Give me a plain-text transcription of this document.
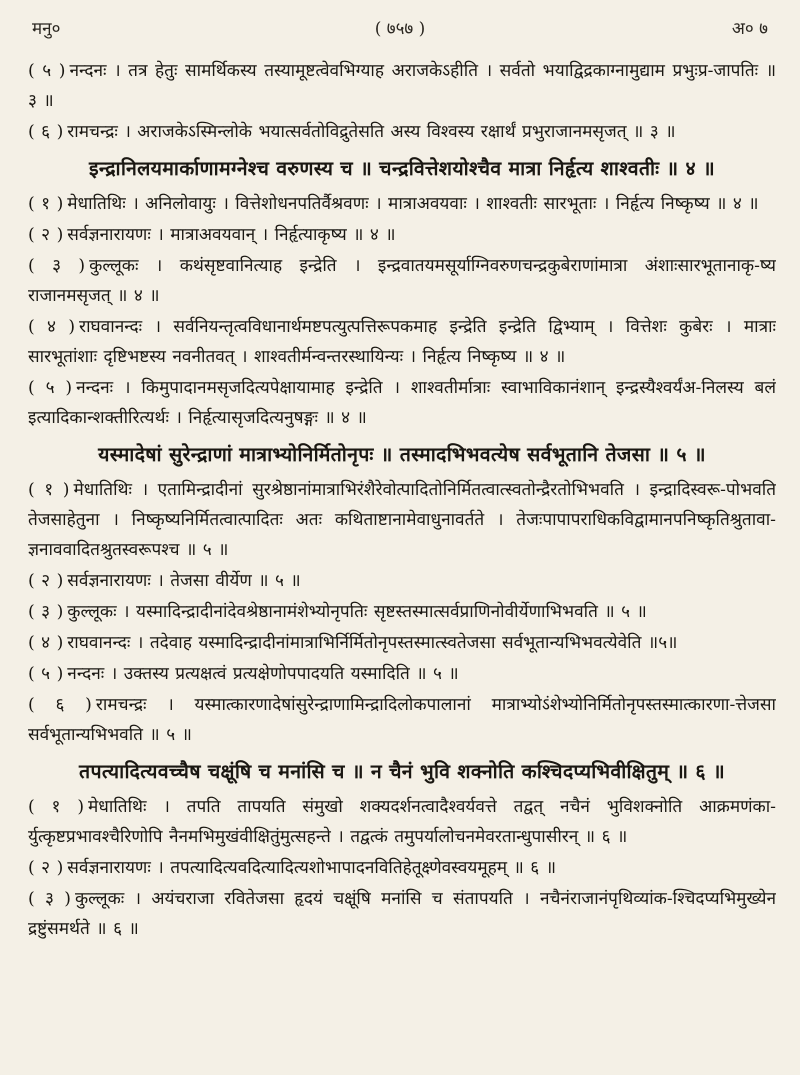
मनु०	( ७५७ )	अ० ७
( ५ ) नन्दनः । तत्र हेतुः सामर्थिकस्य तस्यामूष्टत्वेवभिग्याह अराजकेऽहीति । सर्वतो भयाद्विद्रकाग्नामुद्याम प्रभुःप्र-जापतिः ॥ ३ ॥
( ६ ) रामचन्द्रः । अराजकेऽस्मिन्लोके भयात्सर्वतोविद्रुतेसति अस्य विश्वस्य रक्षार्थं प्रभुराजानमसृजत् ॥ ३ ॥
इन्द्रानिलयमार्काणामग्नेश्च वरुणस्य च ॥ चन्द्रवित्तेशयोश्चैव मात्रा निर्हृत्य शाश्वतीः ॥ ४ ॥
( १ ) मेधातिथिः । अनिलोवायुः । वित्तेशोधनपतिर्वैश्रवणः । मात्राअवयवाः । शाश्वतीः सारभूताः । निर्हृत्य निष्कृष्य ॥ ४ ॥
( २ ) सर्वज्ञनारायणः । मात्राअवयवान् । निर्हृत्याकृष्य ॥ ४ ॥
( ३ ) कुल्लूकः । कथंसृष्टवानित्याह इन्द्रेति । इन्द्रवातयमसूर्याग्निवरुणचन्द्रकुबेराणांमात्रा अंशाःसारभूतानाकृ-ष्य राजानमसृजत् ॥ ४ ॥
( ४ ) राघवानन्दः । सर्वनियन्तृत्वविधानार्थमष्टपत्युत्पत्तिरूपकमाह इन्द्रेति इन्द्रेति द्विभ्याम् । वित्तेशः कुबेरः । मात्राः सारभूतांशाः दृष्टिभष्टस्य नवनीतवत् । शाश्वतीर्मन्वन्तरस्थायिन्यः । निर्हृत्य निष्कृष्य ॥ ४ ॥
( ५ ) नन्दनः । किमुपादानमसृजदित्यपेक्षायामाह इन्द्रेति । शाश्वतीर्मात्राः स्वाभाविकानंशान् इन्द्रस्यैश्वर्यंअ-निलस्य बलं इत्यादिकान्शक्तीरित्यर्थः । निर्हृत्यासृजदित्यनुषङ्गः ॥ ४ ॥
यस्मादेषां सुरेन्द्राणां मात्राभ्योनिर्मितोनृपः ॥ तस्मादभिभवत्येष सर्वभूतानि तेजसा ॥ ५ ॥
( १ ) मेधातिथिः । एतामिन्द्रादीनां सुरश्रेष्ठानांमात्राभिरंशैरेवोत्पादितोनिर्मितत्वात्स्वतोन्द्रैरतोभिभवति । इन्द्रादिस्वरू-पोभवति तेजसाहेतुना । निष्कृष्यनिर्मितत्वात्पादितः अतः कथिताष्टानामेवाधुनावर्तते । तेजःपापापराधिकविद्वामानपनिष्कृतिश्रुतावा-ज्ञनाववादितश्रुतस्वरूपश्च ॥ ५ ॥
( २ ) सर्वज्ञनारायणः । तेजसा वीर्येण ॥ ५ ॥
( ३ ) कुल्लूकः । यस्मादिन्द्रादीनांदेवश्रेष्ठानामंशेभ्योनृपतिः सृष्टस्तस्मात्सर्वप्राणिनोवीर्येणाभिभवति ॥ ५ ॥
( ४ ) राघवानन्दः । तदेवाह यस्मादिन्द्रादीनांमात्राभिर्निर्मितोनृपस्तस्मात्स्वतेजसा सर्वभूतान्यभिभवत्येवेति ॥५॥
( ५ ) नन्दनः । उक्तस्य प्रत्यक्षत्वं प्रत्यक्षेणोपपादयति यस्मादिति ॥ ५ ॥
( ६ ) रामचन्द्रः । यस्मात्कारणादेषांसुरेन्द्राणामिन्द्रादिलोकपालानां मात्राभ्योऽंशेभ्योनिर्मितोनृपस्तस्मात्कारणा-त्तेजसा सर्वभूतान्यभिभवति ॥ ५ ॥
तपत्यादित्यवच्चैष चक्षूंषि च मनांसि च ॥ न चैनं भुवि शक्नोति कश्चिदप्यभिवीक्षितुम् ॥ ६ ॥
( १ ) मेधातिथिः । तपति तापयति संमुखो शक्यदर्शनत्वादैश्वर्यवत्ते तद्वत् नचैनं भुविशक्नोति आक्रमणंका-र्युत्कृष्टप्रभावश्चैरिणोपि नैनमभिमुखंवीक्षितुंमुत्सहन्ते । तद्वत्कं तमुपर्यालोचनमेवरतान्धुपासीरन् ॥ ६ ॥
( २ ) सर्वज्ञनारायणः । तपत्यादित्यवदित्यादित्यशोभापादनवितिहेतूक्ष्णेवस्वयमूहम् ॥ ६ ॥
( ३ ) कुल्लूकः । अयंचराजा रवितेजसा हृदयं चक्षूंषि मनांसि च संतापयति । नचैनंराजानंपृथिव्यांक-श्चिदप्यभिमुख्येन द्रष्टुंसमर्थते ॥ ६ ॥
